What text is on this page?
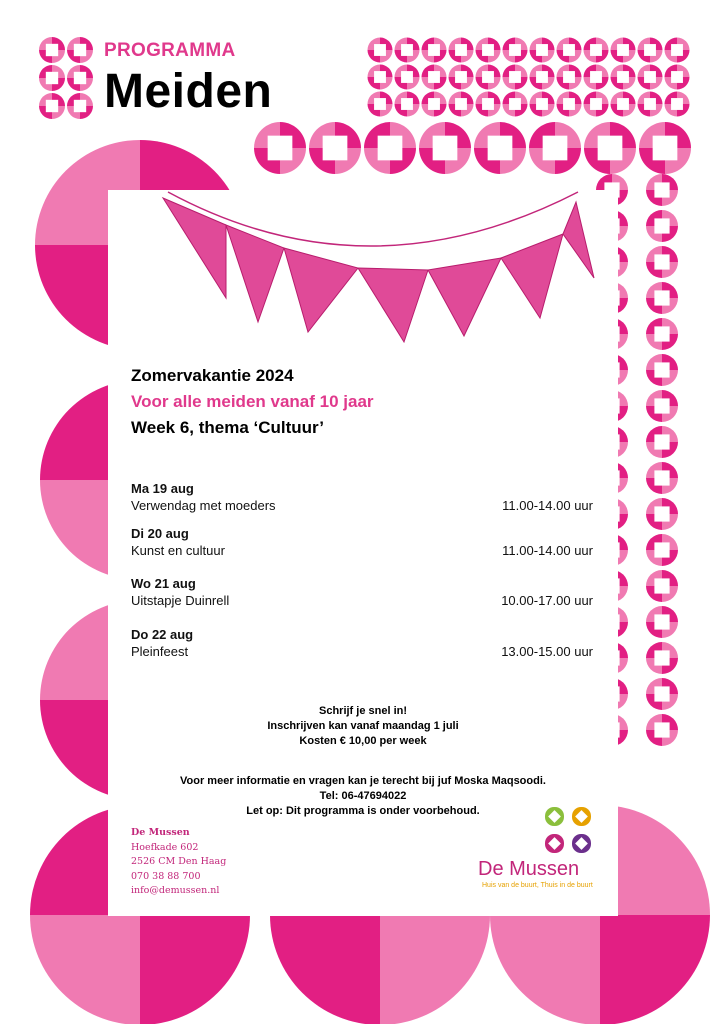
PROGRAMMA
Meiden
Zomervakantie 2024
Voor alle meiden vanaf 10 jaar
Week 6, thema ‘Cultuur’
Ma 19 aug
Verwendag met moeders	11.00-14.00 uur
Di 20 aug
Kunst en cultuur	11.00-14.00 uur
Wo 21 aug
Uitstapje Duinrell	10.00-17.00 uur
Do 22 aug
Pleinfeest	13.00-15.00 uur
Schrijf je snel in!
Inschrijven kan vanaf maandag 1 juli
Kosten € 10,00 per week
Voor meer informatie en vragen kan je terecht bij juf Moska Maqsoodi.
Tel: 06-47694022
Let op: Dit programma is onder voorbehoud.
De Mussen
Hoefkade 602
2526 CM Den Haag
070 38 88 700
info@demussen.nl
De Mussen
Huis van de buurt, Thuis in de buurt
